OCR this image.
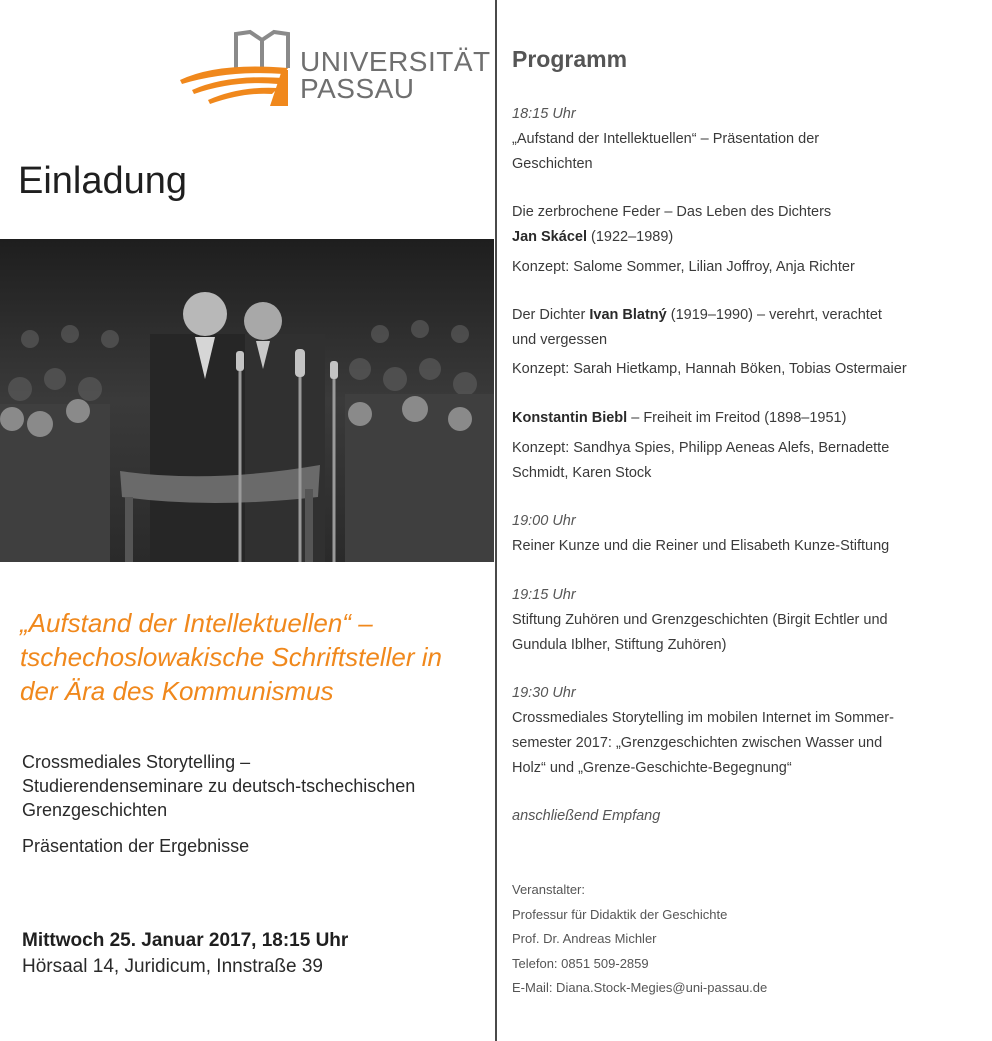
UNIVERSITÄT
PASSAU
Einladung
„Aufstand der Intellektuellen“ –
tschechoslowakische Schriftsteller in
der Ära des Kommunismus
Crossmediales Storytelling –
Studierendenseminare zu deutsch-tschechischen
Grenzgeschichten
Präsentation der Ergebnisse
Mittwoch 25. Januar 2017, 18:15 Uhr
Hörsaal 14, Juridicum, Innstraße 39
Programm
18:15 Uhr
„Aufstand der Intellektuellen“ – Präsentation der
Geschichten
Die zerbrochene Feder – Das Leben des Dichters
Jan Skácel (1922–1989)
Konzept: Salome Sommer, Lilian Joffroy, Anja Richter
Der Dichter Ivan Blatný (1919–1990) – verehrt, verachtet
und vergessen
Konzept: Sarah Hietkamp, Hannah Böken, Tobias Ostermaier
Konstantin Biebl – Freiheit im Freitod (1898–1951)
Konzept: Sandhya Spies, Philipp Aeneas Alefs, Bernadette
Schmidt, Karen Stock
19:00 Uhr
Reiner Kunze und die Reiner und Elisabeth Kunze-Stiftung
19:15 Uhr
Stiftung Zuhören und Grenzgeschichten (Birgit Echtler und
Gundula Iblher, Stiftung Zuhören)
19:30 Uhr
Crossmediales Storytelling im mobilen Internet im Sommer-
semester 2017: „Grenzgeschichten zwischen Wasser und
Holz“ und „Grenze-Geschichte-Begegnung“
anschließend Empfang
Veranstalter:
Professur für Didaktik der Geschichte
Prof. Dr. Andreas Michler
Telefon: 0851 509-2859
E-Mail: Diana.Stock-Megies@uni-passau.de
